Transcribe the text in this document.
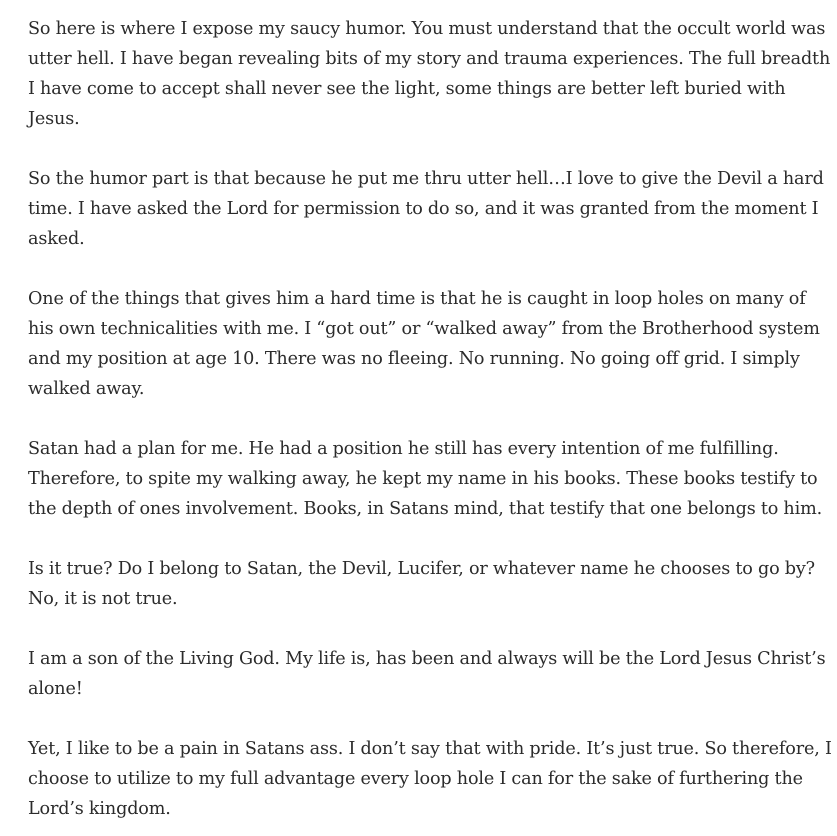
So here is where I expose my saucy humor. You must understand that the occult world was utter hell. I have began revealing bits of my story and trauma experiences. The full breadth I have come to accept shall never see the light, some things are better left buried with Jesus.

So the humor part is that because he put me thru utter hell…I love to give the Devil a hard time. I have asked the Lord for permission to do so, and it was granted from the moment I asked.

One of the things that gives him a hard time is that he is caught in loop holes on many of his own technicalities with me. I “got out” or “walked away” from the Brotherhood system and my position at age 10. There was no fleeing. No running. No going off grid. I simply walked away.

Satan had a plan for me. He had a position he still has every intention of me fulfilling. Therefore, to spite my walking away, he kept my name in his books. These books testify to the depth of ones involvement. Books, in Satans mind, that testify that one belongs to him.

Is it true? Do I belong to Satan, the Devil, Lucifer, or whatever name he chooses to go by? No, it is not true.

I am a son of the Living God. My life is, has been and always will be the Lord Jesus Christ’s alone!

Yet, I like to be a pain in Satans ass. I don’t say that with pride. It’s just true. So therefore, I choose to utilize to my full advantage every loop hole I can for the sake of furthering the Lord’s kingdom.
